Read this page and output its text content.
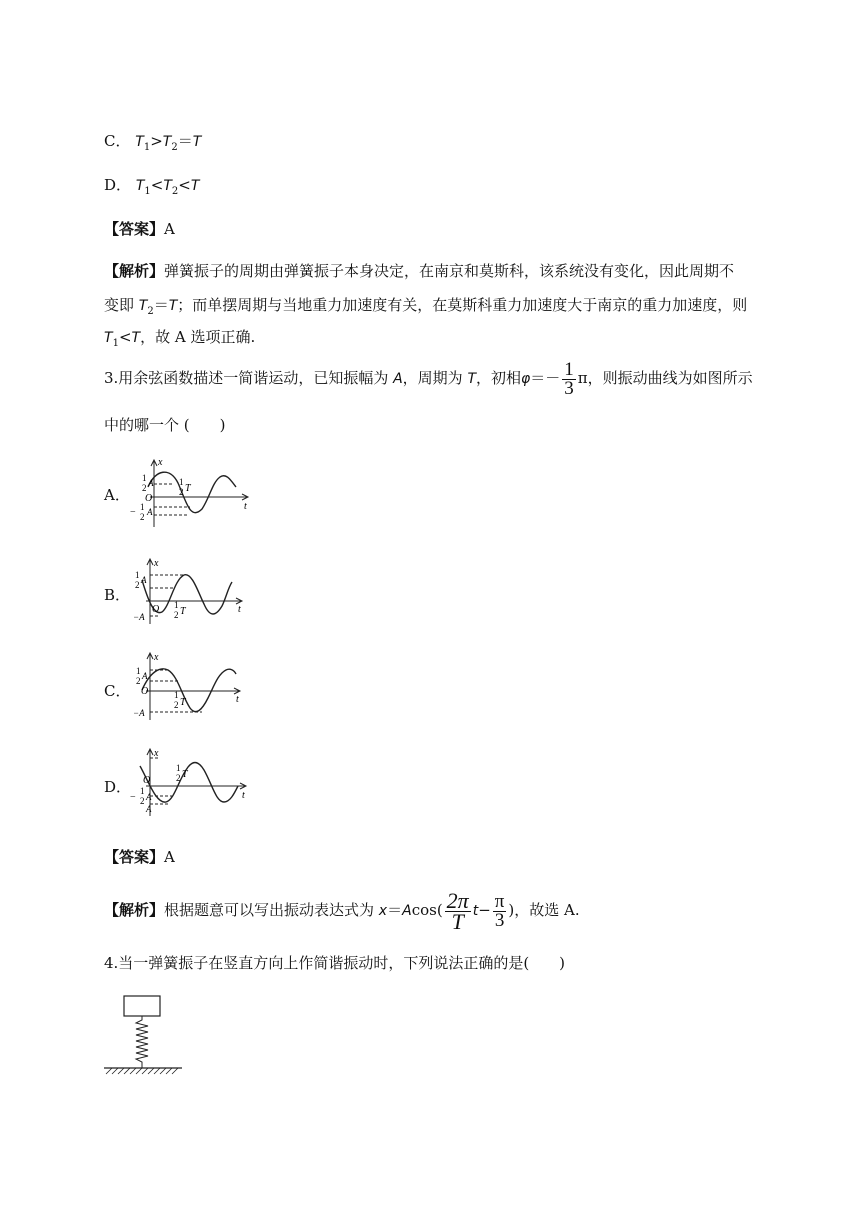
C． $T_1>T_2=T$
D． $T_1<T_2<T$
【答案】A
【解析】弹簧振子的周期由弹簧振子本身决定，在南京和莫斯科，该系统没有变化，因此周期不
变即 $T_2=T$；而单摆周期与当地重力加速度有关，在莫斯科重力加速度大于南京的重力加速度，则
$T_1<T$，故 A 选项正确.
3.用余弦函数描述一简谐运动，已知振幅为 A，周期为 T，初相$\varphi=- \frac{1}{3}$ π，则振动曲线为如图所示
中的哪一个 (　　)
A．
x
t
1
2 A
O
− 1
2 A
1
2 T
B．
x
t
1
2 A
O
−A
1
2 T
C．
x
t
1
2 A
O
−A
1
2 T
D．
x
t
O
−
1
2 A
A
1
2 T
【答案】A
【解析】根据题意可以写出振动表达式为 $x=Acos( \frac{2\pi}{T} t- \frac{\pi}{3}$ )，故选 A.
4.当一弹簧振子在竖直方向上作简谐振动时，下列说法正确的是(　　)
